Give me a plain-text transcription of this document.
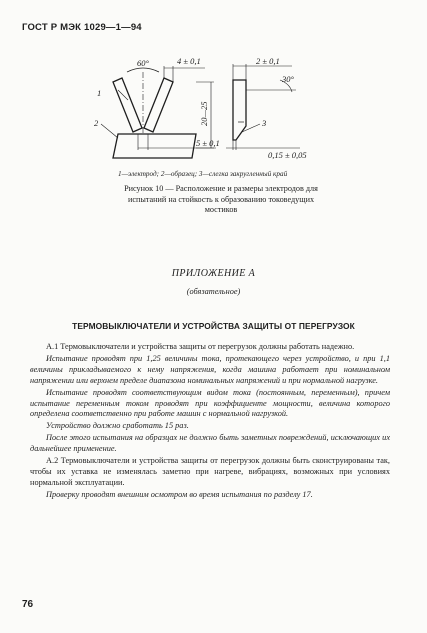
ГОСТ Р МЭК 1029—1—94
60°	4 ± 0,1
20—25
5 ± 0,1
1
2
2 ± 0,1
30°
3
0,15 ± 0,05
1—электрод; 2—образец; 3—слегка закругленный край
Рисунок 10 — Расположение и размеры электродов для
испытаний на стойкость к образованию токоведущих
мостиков
ПРИЛОЖЕНИЕ А
(обязательное)
ТЕРМОВЫКЛЮЧАТЕЛИ И УСТРОЙСТВА ЗАЩИТЫ ОТ ПЕРЕГРУЗОК

А.1 Термовыключатели и устройства защиты от перегрузок должны работать надежно.

Испытание проводят при 1,25 величины тока, протекающего через устройство, и при 1,1 величины прикладываемого к нему напряжения, когда машина работает при номинальном напряжении или верхнем пределе диапазона номинальных напряжений и при нормальной нагрузке.

Испытание проводят соответствующим видом тока (постоянным, переменным), причем испытание переменным током проводят при коэффициенте мощности, величина которого определена соответственно при работе машин с нормальной нагрузкой.

Устройство должно сработать 15 раз.

После этого испытания на образцах не должно быть заметных повреждений, исключающих их дальнейшее применение.

А.2 Термовыключатели и устройства защиты от перегрузок должны быть сконструированы так, чтобы их уставка не изменялась заметно при нагреве, вибрациях, возможных при условиях нормальной эксплуатации.

Проверку проводят внешним осмотром во время испытания по разделу 17.

76
